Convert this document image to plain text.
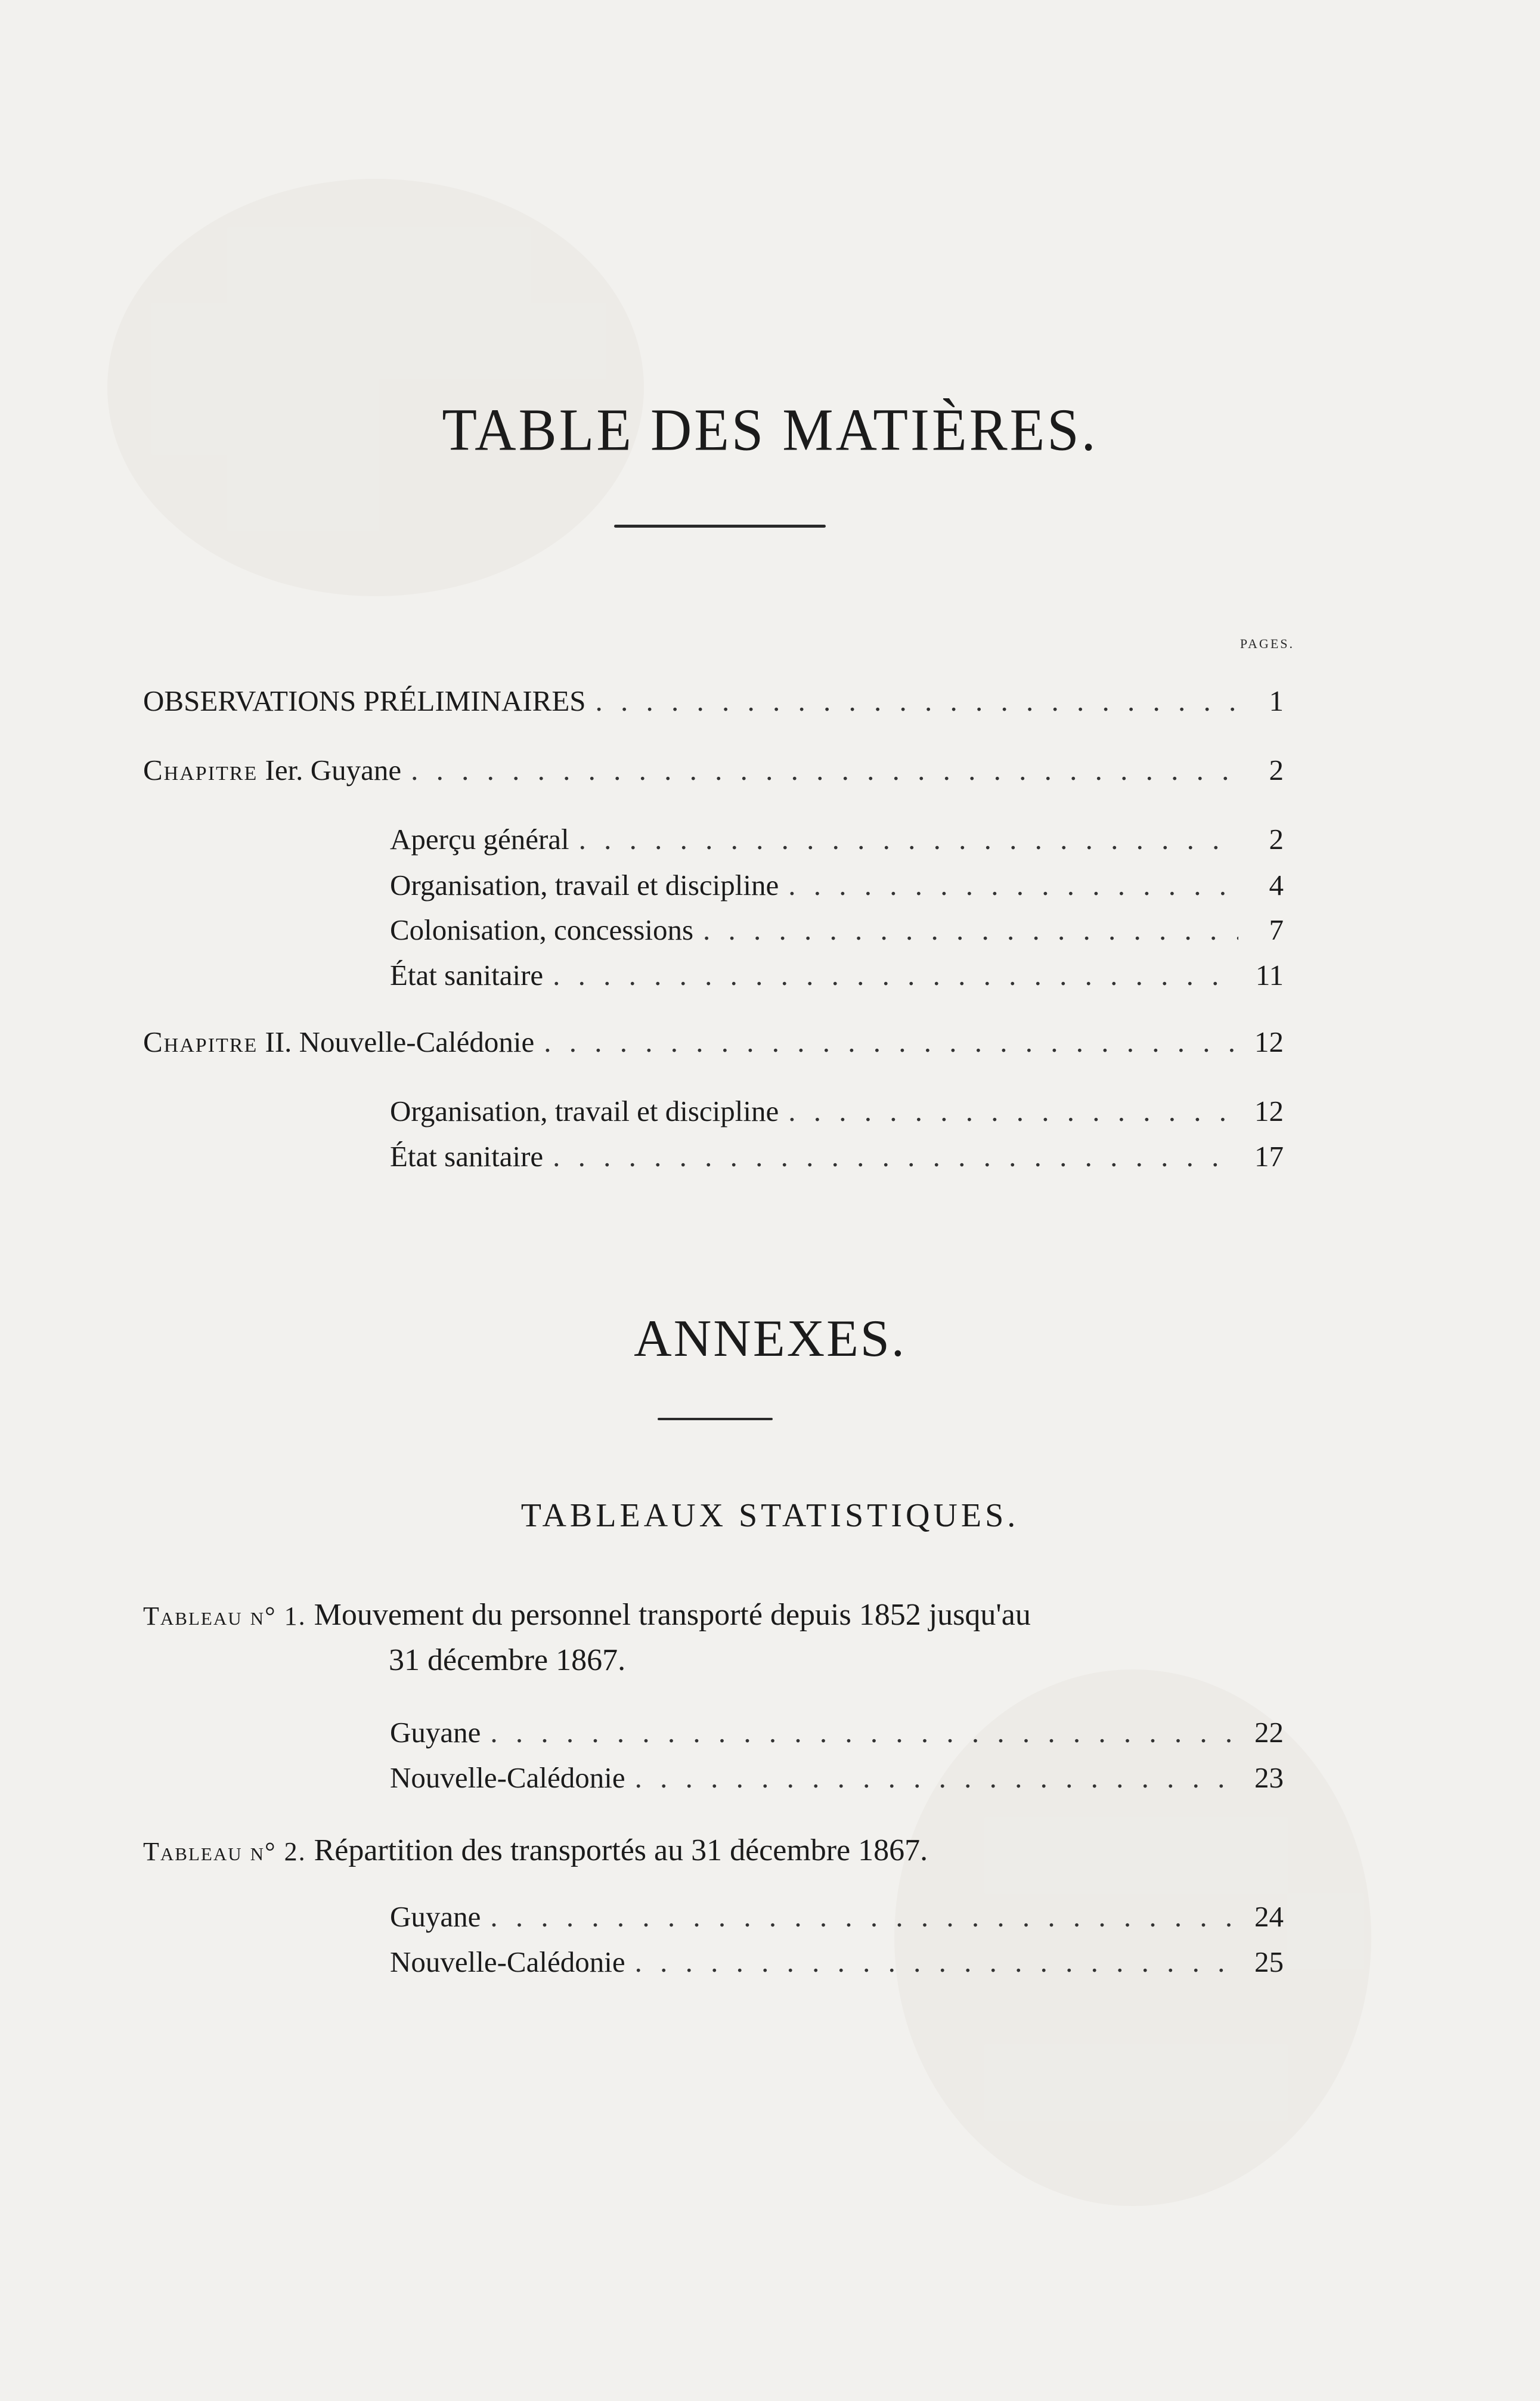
TABLE DES MATIÈRES.
PAGES.
OBSERVATIONS PRÉLIMINAIRES . . .	1
Chapitre Ier. Guyane . . .	2
Aperçu général . . .	2
Organisation, travail et discipline . . .	4
Colonisation, concessions . . .	7
État sanitaire . . .	11
Chapitre II. Nouvelle-Calédonie . . .	12
Organisation, travail et discipline . . .	12
État sanitaire . . .	17
ANNEXES.
TABLEAUX STATISTIQUES.
Tableau n° 1. Mouvement du personnel transporté depuis 1852 jusqu'au
31 décembre 1867.
Guyane . . .	22
Nouvelle-Calédonie . . .	23
Tableau n° 2. Répartition des transportés au 31 décembre 1867.
Guyane . . .	24
Nouvelle-Calédonie . . .	25
